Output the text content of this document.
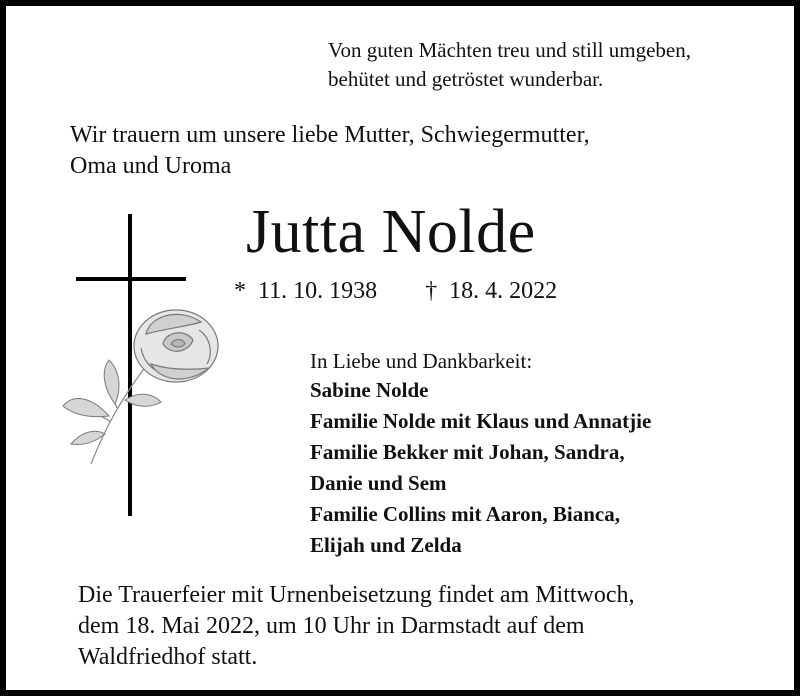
Von guten Mächten treu und still umgeben,
behütet und getröstet wunderbar.
Wir trauern um unsere liebe Mutter, Schwiegermutter,
Oma und Uroma
Jutta Nolde
*  11. 10. 1938 †  18. 4. 2022
In Liebe und Dankbarkeit:
Sabine Nolde
Familie Nolde mit Klaus und Annatjie
Familie Bekker mit Johan, Sandra,
Danie und Sem
Familie Collins mit Aaron, Bianca,
Elijah und Zelda
Die Trauerfeier mit Urnenbeisetzung findet am Mittwoch,
dem 18. Mai 2022, um 10 Uhr in Darmstadt auf dem
Waldfriedhof statt.
